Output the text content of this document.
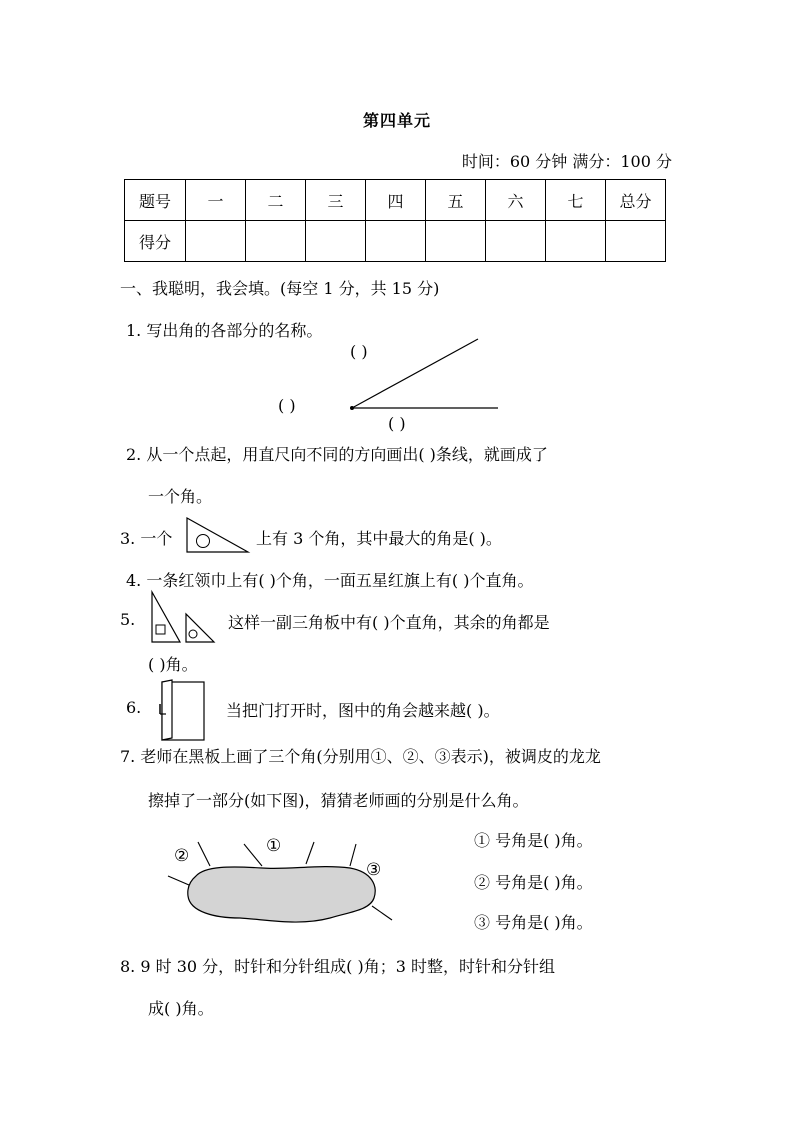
第四单元
时间：60 分钟 满分：100 分
题号	一	二	三	四	五	六	七	总分
得分								
一、我聪明，我会填。(每空 1 分，共 15 分)
1. 写出角的各部分的名称。
( )
( )
( )
2. 从一个点起，用直尺向不同的方向画出( )条线，就画成了
一个角。
3. 一个	上有 3 个角，其中最大的角是( )。
4. 一条红领巾上有( )个角，一面五星红旗上有( )个直角。
5.	这样一副三角板中有( )个直角，其余的角都是
( )角。
6.	当把门打开时，图中的角会越来越( )。
7. 老师在黑板上画了三个角(分别用①、②、③表示)，被调皮的龙龙
擦掉了一部分(如下图)，猜猜老师画的分别是什么角。
①
②
③
① 号角是( )角。
② 号角是( )角。
③ 号角是( )角。
8. 9 时 30 分，时针和分针组成( )角；3 时整，时针和分针组
成( )角。
